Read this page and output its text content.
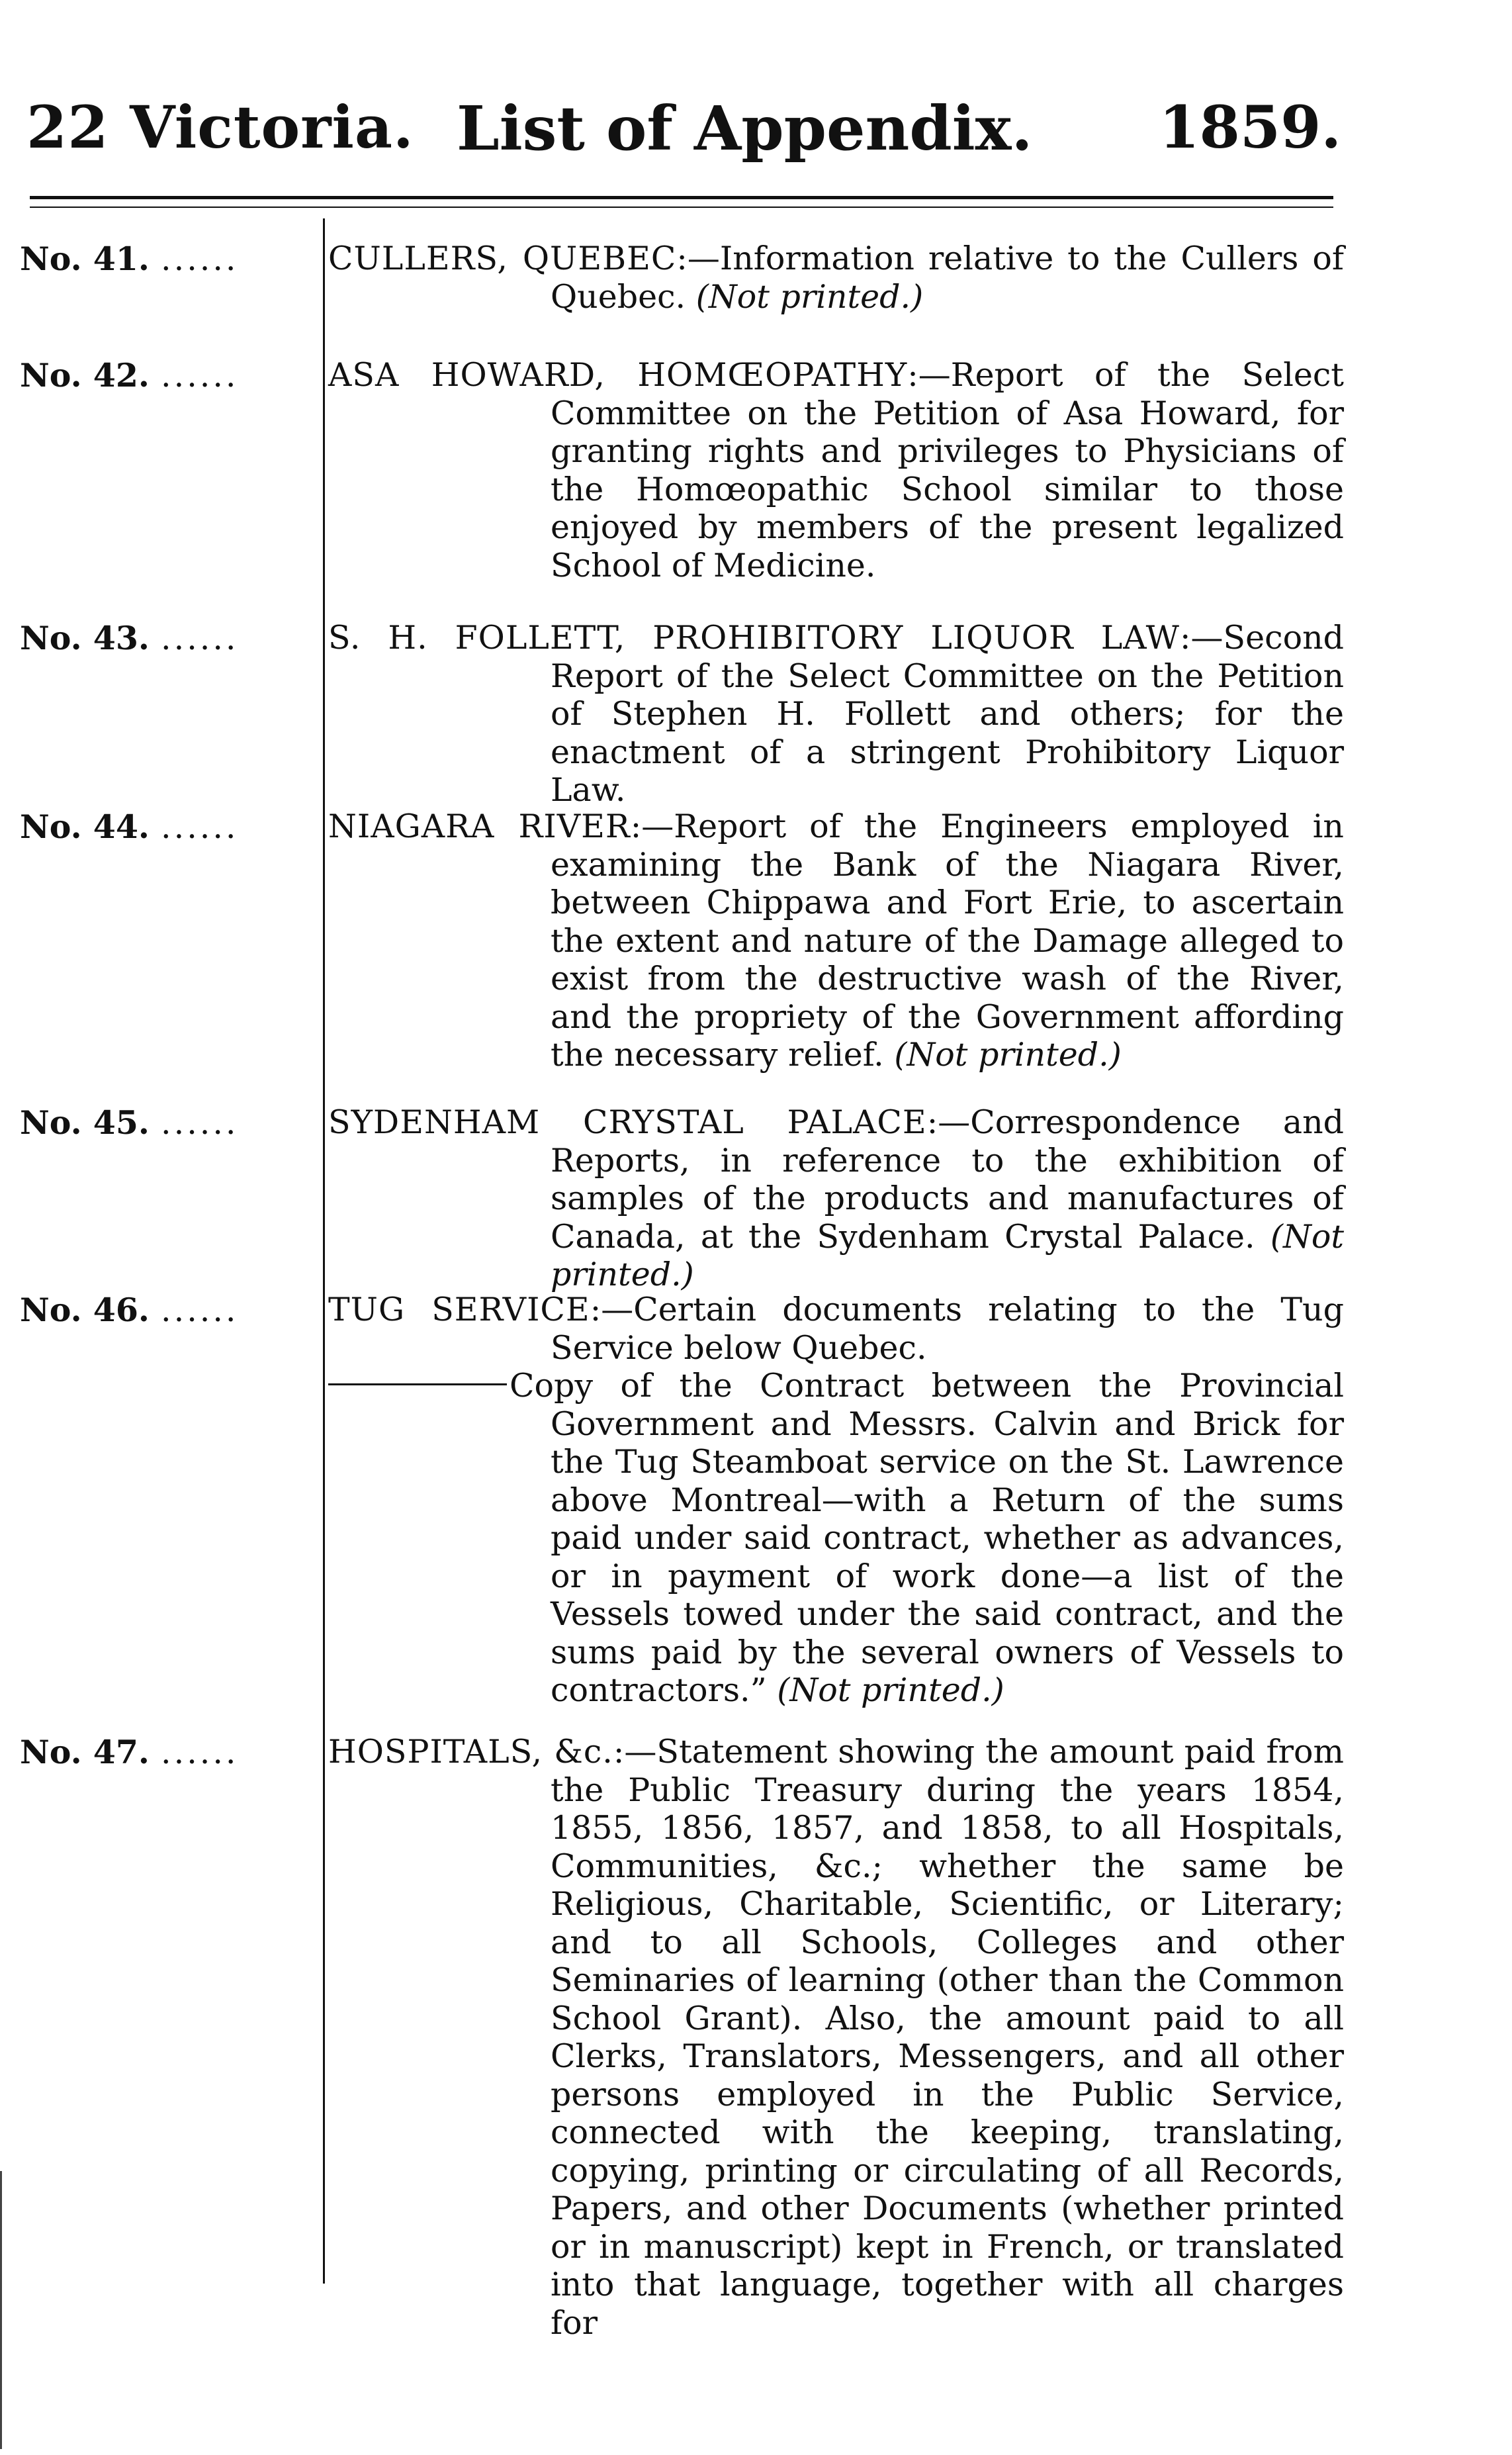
22 Victoria. List of Appendix. 1859.
No. 41. ......	CULLERS, QUEBEC:—Information relative to the Cullers of Quebec. (Not printed.)

No. 42. ......	ASA HOWARD, HOMŒOPATHY:—Report of the Select Committee on the Petition of Asa Howard, for granting rights and privileges to Physicians of the Homœopathic School similar to those enjoyed by members of the present legalized School of Medicine.

No. 43. ......	S. H. FOLLETT, PROHIBITORY LIQUOR LAW:—Second Report of the Select Committee on the Petition of Stephen H. Follett and others; for the enactment of a stringent Prohibitory Liquor Law.

No. 44. ......	NIAGARA RIVER:—Report of the Engineers employed in examining the Bank of the Niagara River, between Chippawa and Fort Erie, to ascertain the extent and nature of the Damage alleged to exist from the destructive wash of the River, and the propriety of the Government affording the necessary relief. (Not printed.)

No. 45. ......	SYDENHAM CRYSTAL PALACE:—Correspondence and Reports, in reference to the exhibition of samples of the products and manufactures of Canada, at the Sydenham Crystal Palace. (Not printed.)

No. 46. ......	TUG SERVICE:—Certain documents relating to the Tug Service below Quebec.

Copy of the Contract between the Provincial Government and Messrs. Calvin and Brick for the Tug Steamboat service on the St. Lawrence above Montreal—with a Return of the sums paid under said contract, whether as advances, or in payment of work done—a list of the Vessels towed under the said contract, and the sums paid by the several owners of Vessels to contractors.” (Not printed.)

No. 47. ......	HOSPITALS, &c.:—Statement showing the amount paid from the Public Treasury during the years 1854, 1855, 1856, 1857, and 1858, to all Hospitals, Communities, &c.; whether the same be Religious, Charitable, Scientific, or Literary; and to all Schools, Colleges and other Seminaries of learning (other than the Common School Grant). Also, the amount paid to all Clerks, Translators, Messengers, and all other persons employed in the Public Service, connected with the keeping, translating, copying, printing or circulating of all Records, Papers, and other Documents (whether printed or in manuscript) kept in French, or translated into that language, together with all charges for
